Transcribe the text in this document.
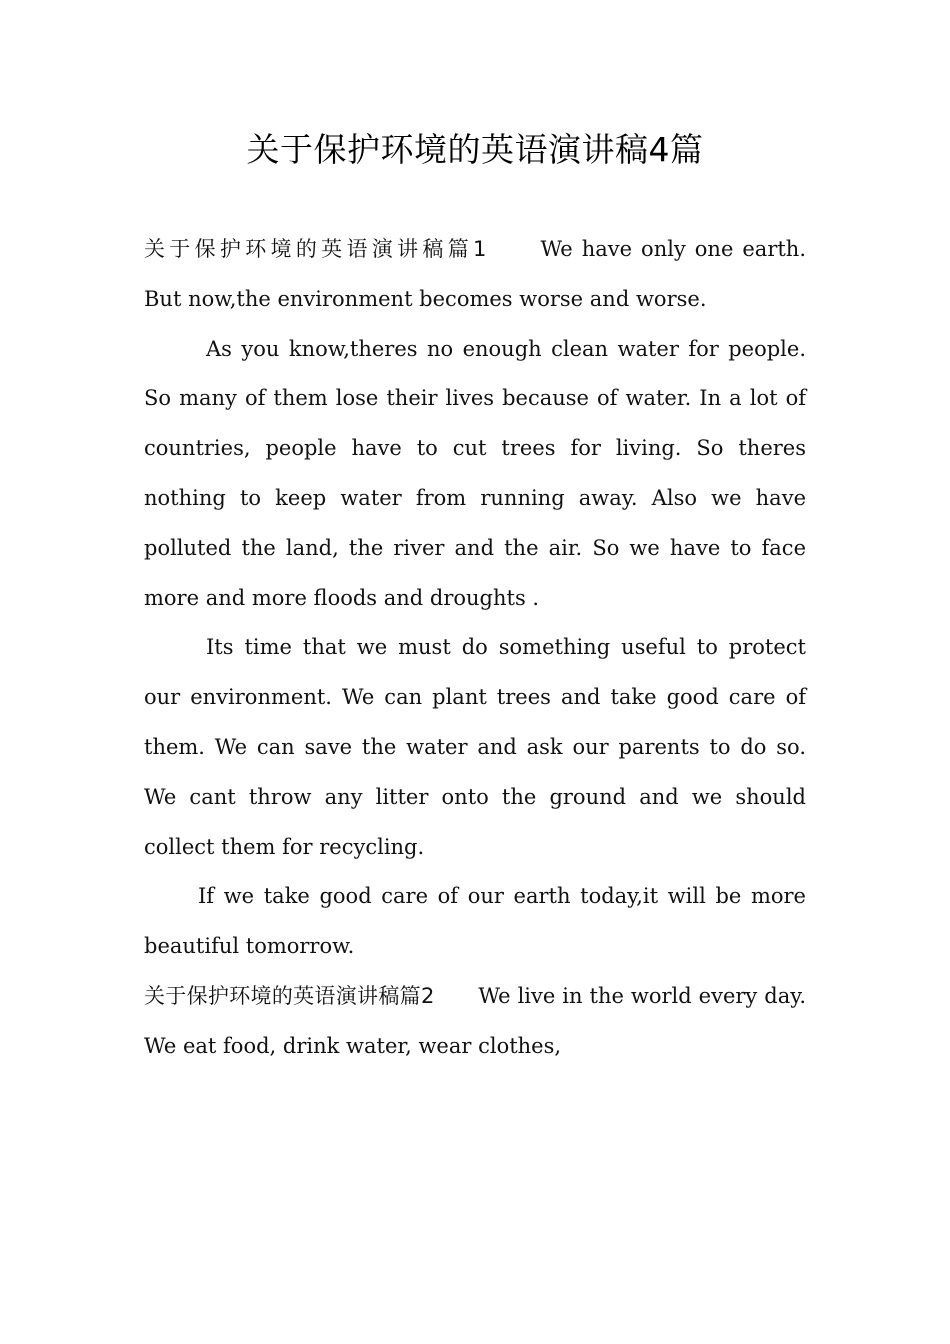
关于保护环境的英语演讲稿4篇

关于保护环境的英语演讲稿篇1 We have only one earth. But now,the environment becomes worse and worse.

As you know,theres no enough clean water for people. So many of them lose their lives because of water. In a lot of countries, people have to cut trees for living. So theres nothing to keep water from running away. Also we have polluted the land, the river and the air. So we have to face more and more floods and droughts .

Its time that we must do something useful to protect our environment. We can plant trees and take good care of them. We can save the water and ask our parents to do so. We cant throw any litter onto the ground and we should collect them for recycling.

If we take good care of our earth today,it will be more beautiful tomorrow.

关于保护环境的英语演讲稿篇2 We live in the world every day. We eat food, drink water, wear clothes,
